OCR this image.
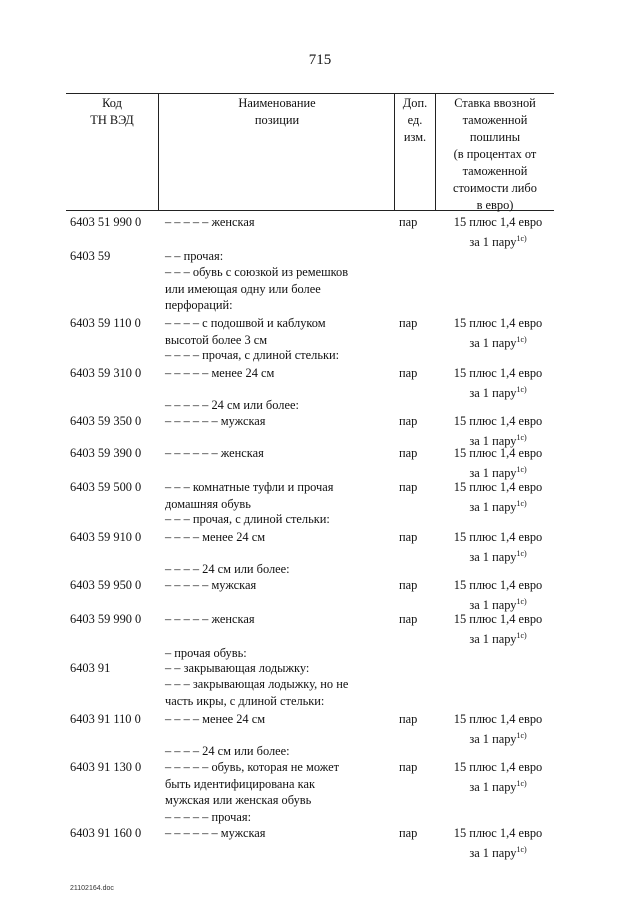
715
Код
ТН ВЭД
Наименование
позиции
Доп.
ед.
изм.
Ставка ввозной
таможенной
пошлины
(в процентах от
таможенной
стоимости либо
в евро)
6403 51 990 0	– – – – – женская	пар	15 плюс 1,4 евро
за 1 пару$^{1с)}$
6403 59	– – прочая:
– – – обувь с союзкой из ремешков
или имеющая одну или более
перфораций:
6403 59 110 0	– – – – с подошвой и каблуком
высотой более 3 см
пар	15 плюс 1,4 евро
за 1 пару$^{1с)}$
– – – – прочая, с длиной стельки:
6403 59 310 0	– – – – – менее 24 см	пар	15 плюс 1,4 евро
за 1 пару$^{1с)}$
– – – – – 24 см или более:
6403 59 350 0	– – – – – – мужская	пар	15 плюс 1,4 евро
за 1 пару$^{1с)}$
6403 59 390 0	– – – – – – женская	пар	15 плюс 1,4 евро
за 1 пару$^{1с)}$
6403 59 500 0	– – – комнатные туфли и прочая
домашняя обувь
пар	15 плюс 1,4 евро
за 1 пару$^{1с)}$
– – – прочая, с длиной стельки:
6403 59 910 0	– – – – менее 24 см	пар	15 плюс 1,4 евро
за 1 пару$^{1с)}$
– – – – 24 см или более:
6403 59 950 0	– – – – – мужская	пар	15 плюс 1,4 евро
за 1 пару$^{1с)}$
6403 59 990 0	– – – – – женская	пар	15 плюс 1,4 евро
за 1 пару$^{1с)}$
– прочая обувь:
6403 91	– – закрывающая лодыжку:
– – – закрывающая лодыжку, но не
часть икры, с длиной стельки:
6403 91 110 0	– – – – менее 24 см	пар	15 плюс 1,4 евро
за 1 пару$^{1с)}$
– – – – 24 см или более:
6403 91 130 0	– – – – – обувь, которая не может
быть идентифицирована как
мужская или женская обувь
пар	15 плюс 1,4 евро
за 1 пару$^{1с)}$
– – – – – прочая:
6403 91 160 0	– – – – – – мужская	пар	15 плюс 1,4 евро
за 1 пару$^{1с)}$
21102164.doc
